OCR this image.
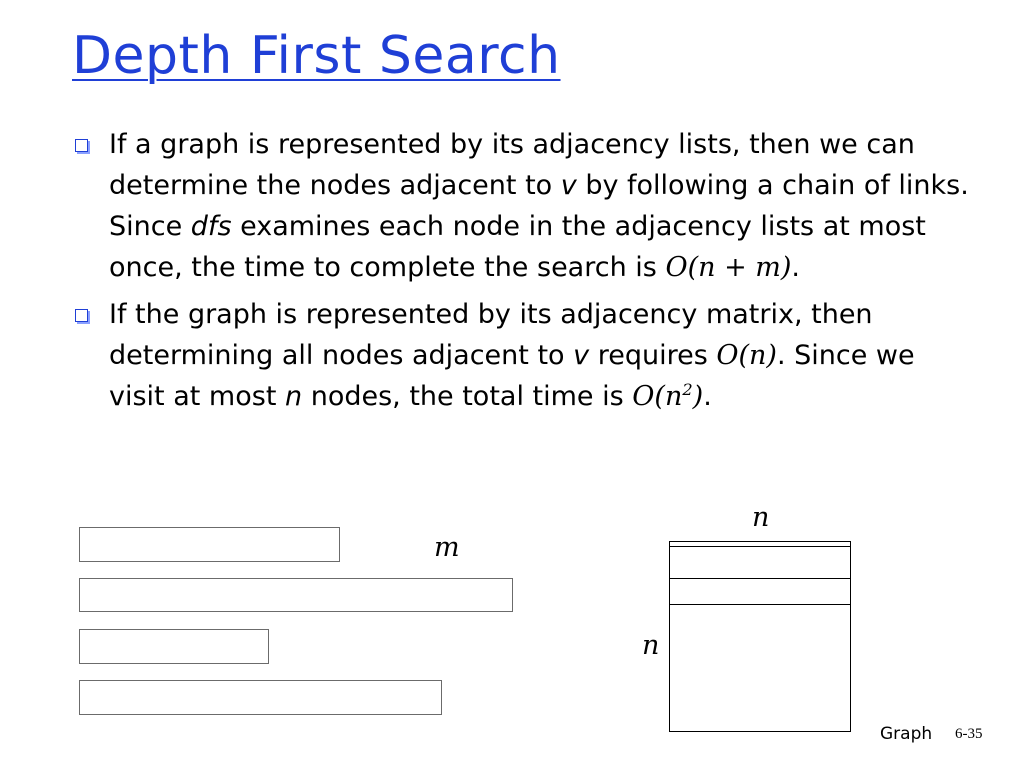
Depth First Search
If a graph is represented by its adjacency lists, then we can determine the nodes adjacent to v by following a chain of links. Since dfs examines each node in the adjacency lists at most once, the time to complete the search is O(n + m).
If the graph is represented by its adjacency matrix, then determining all nodes adjacent to v requires O(n). Since we visit at most n nodes, the total time is $O(n^2)$.
m
n
n
Graph 6-35
